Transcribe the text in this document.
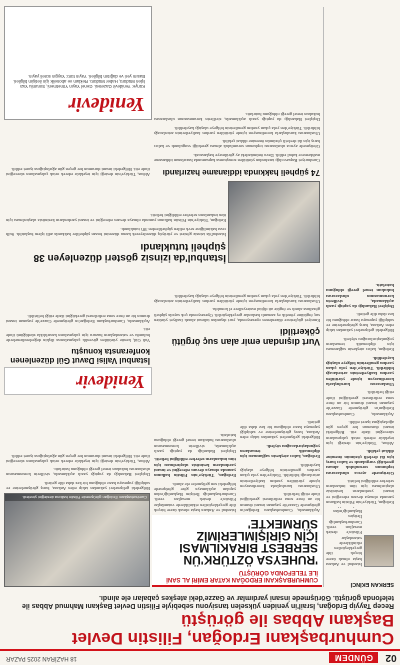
02
GÜNDEM
18 HAZİRAN 2025 PAZAR
Cumhurbaşkanı Erdoğan, Filistin Devlet Başkanı Abbas ile görüştü

Recep Tayyip Erdoğan, İsrail'in yeniden yükselen tansiyonu sebebiyle Filistin Devlet Başkanı Mahmud Abbas ile telefonda görüştü. Görüşmede insani yardımlar ve Gazze'deki ateşkes çabaları ele alındı.

SERKAN EKİNCİ

İstanbul ve Ankara başta olmak üzere birçok ilde gerçekleştirilen etkinliklerde vatandaşlar Filistin'e destek mesajları verdi. Cumhurbaşkanlığı İletişim Başkanlığı'ndan

Erdoğan, Türkiye'nin Filistin halkının yanında olmaya devam edeceğini ve insani yardımların kesintisiz ulaştırılması için tüm imkanların seferber edildiğini belirtti.

Görüşmede ayrıca uluslararası toplumun sorumluluk alması gerektiği vurgulandı ve kalıcı barış için iki devletli çözümün önemine dikkat çekildi.

Abbas, Türkiye'nin desteği için teşekkür ederek ortak çalışmaların süreceğini ifade etti. Bölgedeki insani durumun her geçen gün ağırlaştığına işaret edildi.

Açıklamada, Cumhurbaşkanı Erdoğan'ın görüşmede Gazze'de yaşanan insani dramın bir an önce sona erdirilmesi gerektiğini ifade ettiği belirtildi.

Uluslararası kuruluşlarla koordinasyon içinde yürütülen yardım faaliyetlerinin artırılacağı bildirildi. Türkiye'den yola çıkan yardım gemilerinin bölgeye ulaştığı kaydedildi.

Erdoğan, kalıcı ateşkesin sağlanması için diplomatik temasların yoğunlaştırılacağını söyledi.

Bölgedeki gelişmeleri yakından takip eden Ankara, barış görüşmelerine ev sahipliği yapmaya hazır olduğunu bir kez daha dile getirdi.

Dışişleri Bakanlığı da yaptığı yazılı açıklamada, sivillerin korunmasının uluslararası hukukun temel gereği olduğunu hatırlattı.

Açıklamada, Cumhurbaşkanı Erdoğan'ın görüşmede Gazze'de yaşanan insani dramın bir an önce sona erdirilmesi gerektiğini ifade ettiği belirtildi.

Uluslararası kuruluşlarla koordinasyon içinde yürütülen yardım faaliyetlerinin artırılacağı bildirildi. Türkiye'den yola çıkan yardım gemilerinin bölgeye ulaştığı kaydedildi.

Erdoğan, kalıcı ateşkesin sağlanması için diplomatik temasların yoğunlaştırılacağını söyledi.

Bölgedeki gelişmeleri yakından takip eden Ankara, barış görüşmelerine ev sahipliği yapmaya hazır olduğunu bir kez daha dile getirdi.

İstanbul ve Ankara başta olmak üzere birçok ilde gerçekleştirilen etkinliklerde vatandaşlar Filistin'e destek mesajları verdi. Cumhurbaşkanlığı İletişim Başkanlığı'ndan yapılan açıklamaya göre görüşmede bölgedeki son gelişmeler ele alındı.

Erdoğan, Türkiye'nin Filistin halkının yanında olmaya devam edeceğini ve insani yardımların kesintisiz ulaştırılması için tüm imkanların seferber edildiğini belirtti.

Dışişleri Bakanlığı da yaptığı yazılı açıklamada, sivillerin korunmasının uluslararası hukukun temel gereği olduğunu hatırlattı.

CUMHURBAŞKANI ERDOĞAN KATAR EMİRİ AL SANİ İLE TELEFONDA GÖRÜŞTÜ
'RUHEYSA ÖZTÜRK'ÜN SERBEST BIRAKILMASI İÇİN GİRİŞİMLERİMİZ SÜRMEKTE'
Cumhurbaşkanı Erdoğan görüşmede Filistin halkına desteğini yineledi.

Bölgedeki gelişmeleri yakından takip eden Ankara, barış görüşmelerine ev sahipliği yapmaya hazır olduğunu bir kez daha dile getirdi.

Dışişleri Bakanlığı da yaptığı yazılı açıklamada, sivillerin korunmasının uluslararası hukukun temel gereği olduğunu hatırlattı.

Abbas, Türkiye'nin desteği için teşekkür ederek ortak çalışmaların süreceğini ifade etti. Bölgedeki insani durumun her geçen gün ağırlaştığına işaret edildi.

Yenidevir
Vurt dışından emir alan suç örgütü çökertildi

Emniyet güçlerince düzenlenen operasyonda, yurt dışından talimat alarak faaliyet yürüten suç örgütüne yönelik eş zamanlı baskınlar gerçekleştirildi. Operasyonda çok sayıda şüpheli gözaltına alındı ve örgüte ait dijital materyallere el konuldu.

Uluslararası kuruluşlarla koordinasyon içinde yürütülen yardım faaliyetlerinin artırılacağı bildirildi. Türkiye'den yola çıkan yardım gemilerinin bölgeye ulaştığı kaydedildi.

İstanbul Valisi Davut Gül düzenlenen konferansta konuştu

Vali Gül, kentte yürütülen güvenlik çalışmalarına ilişkin değerlendirmelerde bulundu ve vatandaşların huzuru için çalışmaların kararlılıkla sürdüğünü ifade etti.

Açıklamada, Cumhurbaşkanı Erdoğan'ın görüşmede Gazze'de yaşanan insani dramın bir an önce sona erdirilmesi gerektiğini ifade ettiği belirtildi.

İstanbul'da izinsiz gösteri düzenleyen 38 şüpheli tutuklandı

İstanbul'da izinsiz gösteri ve yürüyüş düzenleyerek kamu düzenini bozan şüpheliler hakkında adli işlem başlatıldı. Sulh ceza hakimliğine sevk edilen şüphelilerden 38'i tutuklandı.

Erdoğan, Türkiye'nin Filistin halkının yanında olmaya devam edeceğini ve insani yardımların kesintisiz ulaştırılması için tüm imkanların seferber edildiğini belirtti.

74 şüpheli hakkında iddianame hazırlandı

Cumhuriyet Başsavcılığı tarafından yürütülen soruşturma kapsamında hazırlanan iddianame mahkemece kabul edildi. Dava önümüzdeki ay görülmeye başlanacak.

Görüşmede ayrıca uluslararası toplumun sorumluluk alması gerektiği vurgulandı ve kalıcı barış için iki devletli çözümün önemine dikkat çekildi.

Uluslararası kuruluşlarla koordinasyon içinde yürütülen yardım faaliyetlerinin artırılacağı bildirildi. Türkiye'den yola çıkan yardım gemilerinin bölgeye ulaştığı kaydedildi.

Dışişleri Bakanlığı da yaptığı yazılı açıklamada, sivillerin korunmasının uluslararası hukukun temel gereği olduğunu hatırlattı.

Abbas, Türkiye'nin desteği için teşekkür ederek ortak çalışmaların süreceğini ifade etti. Bölgedeki insani durumun her geçen gün ağırlaştığına işaret edildi.

Yenidevir
Künye: Yenidevir Gazetesi. Genel Yayın Yönetmeni, Sorumlu Yazı İşleri Müdürü, Haber Müdürü. Reklam ve abonelik için iletişim bilgileri. Basım yeri ve dağıtım bilgileri. Yayın türü: Yaygın süreli yayın.
